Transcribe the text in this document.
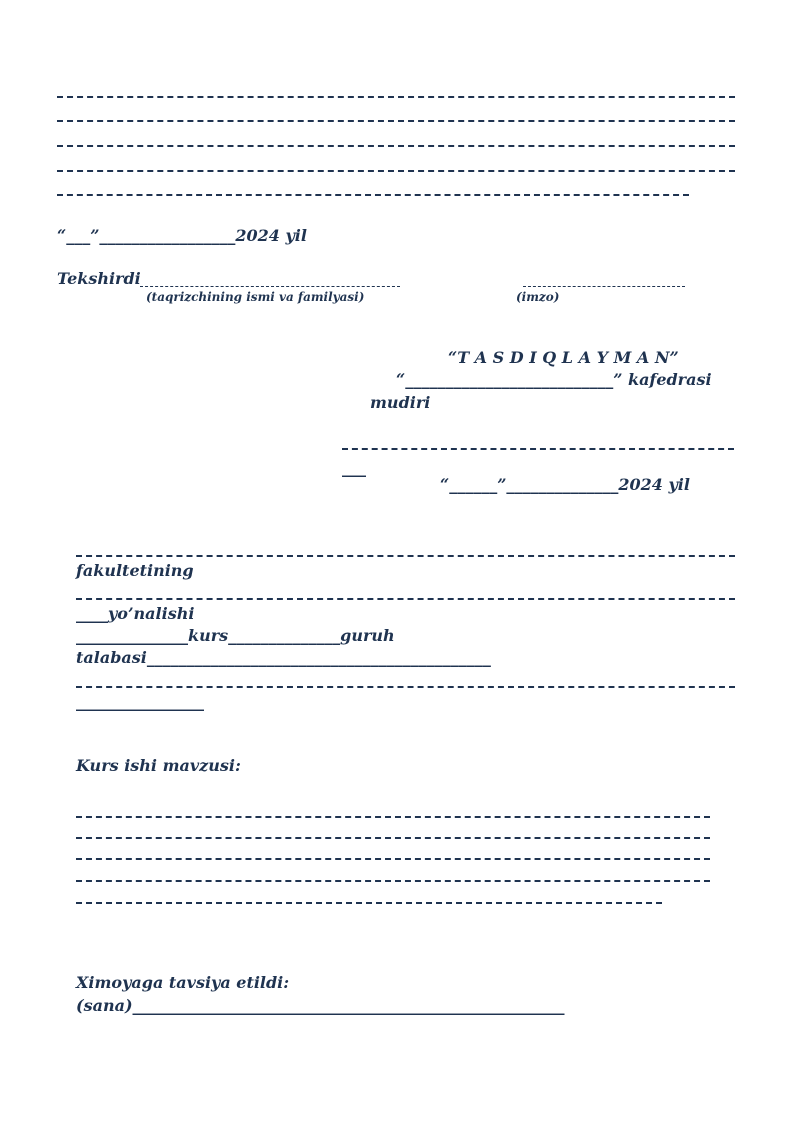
“___”_________________2024 yil
Tekshirdi
(taqrizchining ismi va familyasi)	(imzo)
“T A S D I Q L A Y M A N”
“__________________________” kafedrasi
mudiri
___
“______”______________2024 yil
fakultetining
____yo’nalishi
______________kurs______________guruh
talabasi___________________________________________
________________
Kurs ishi mavzusi:
Ximoyaga tavsiya etildi:
(sana)______________________________________________________
